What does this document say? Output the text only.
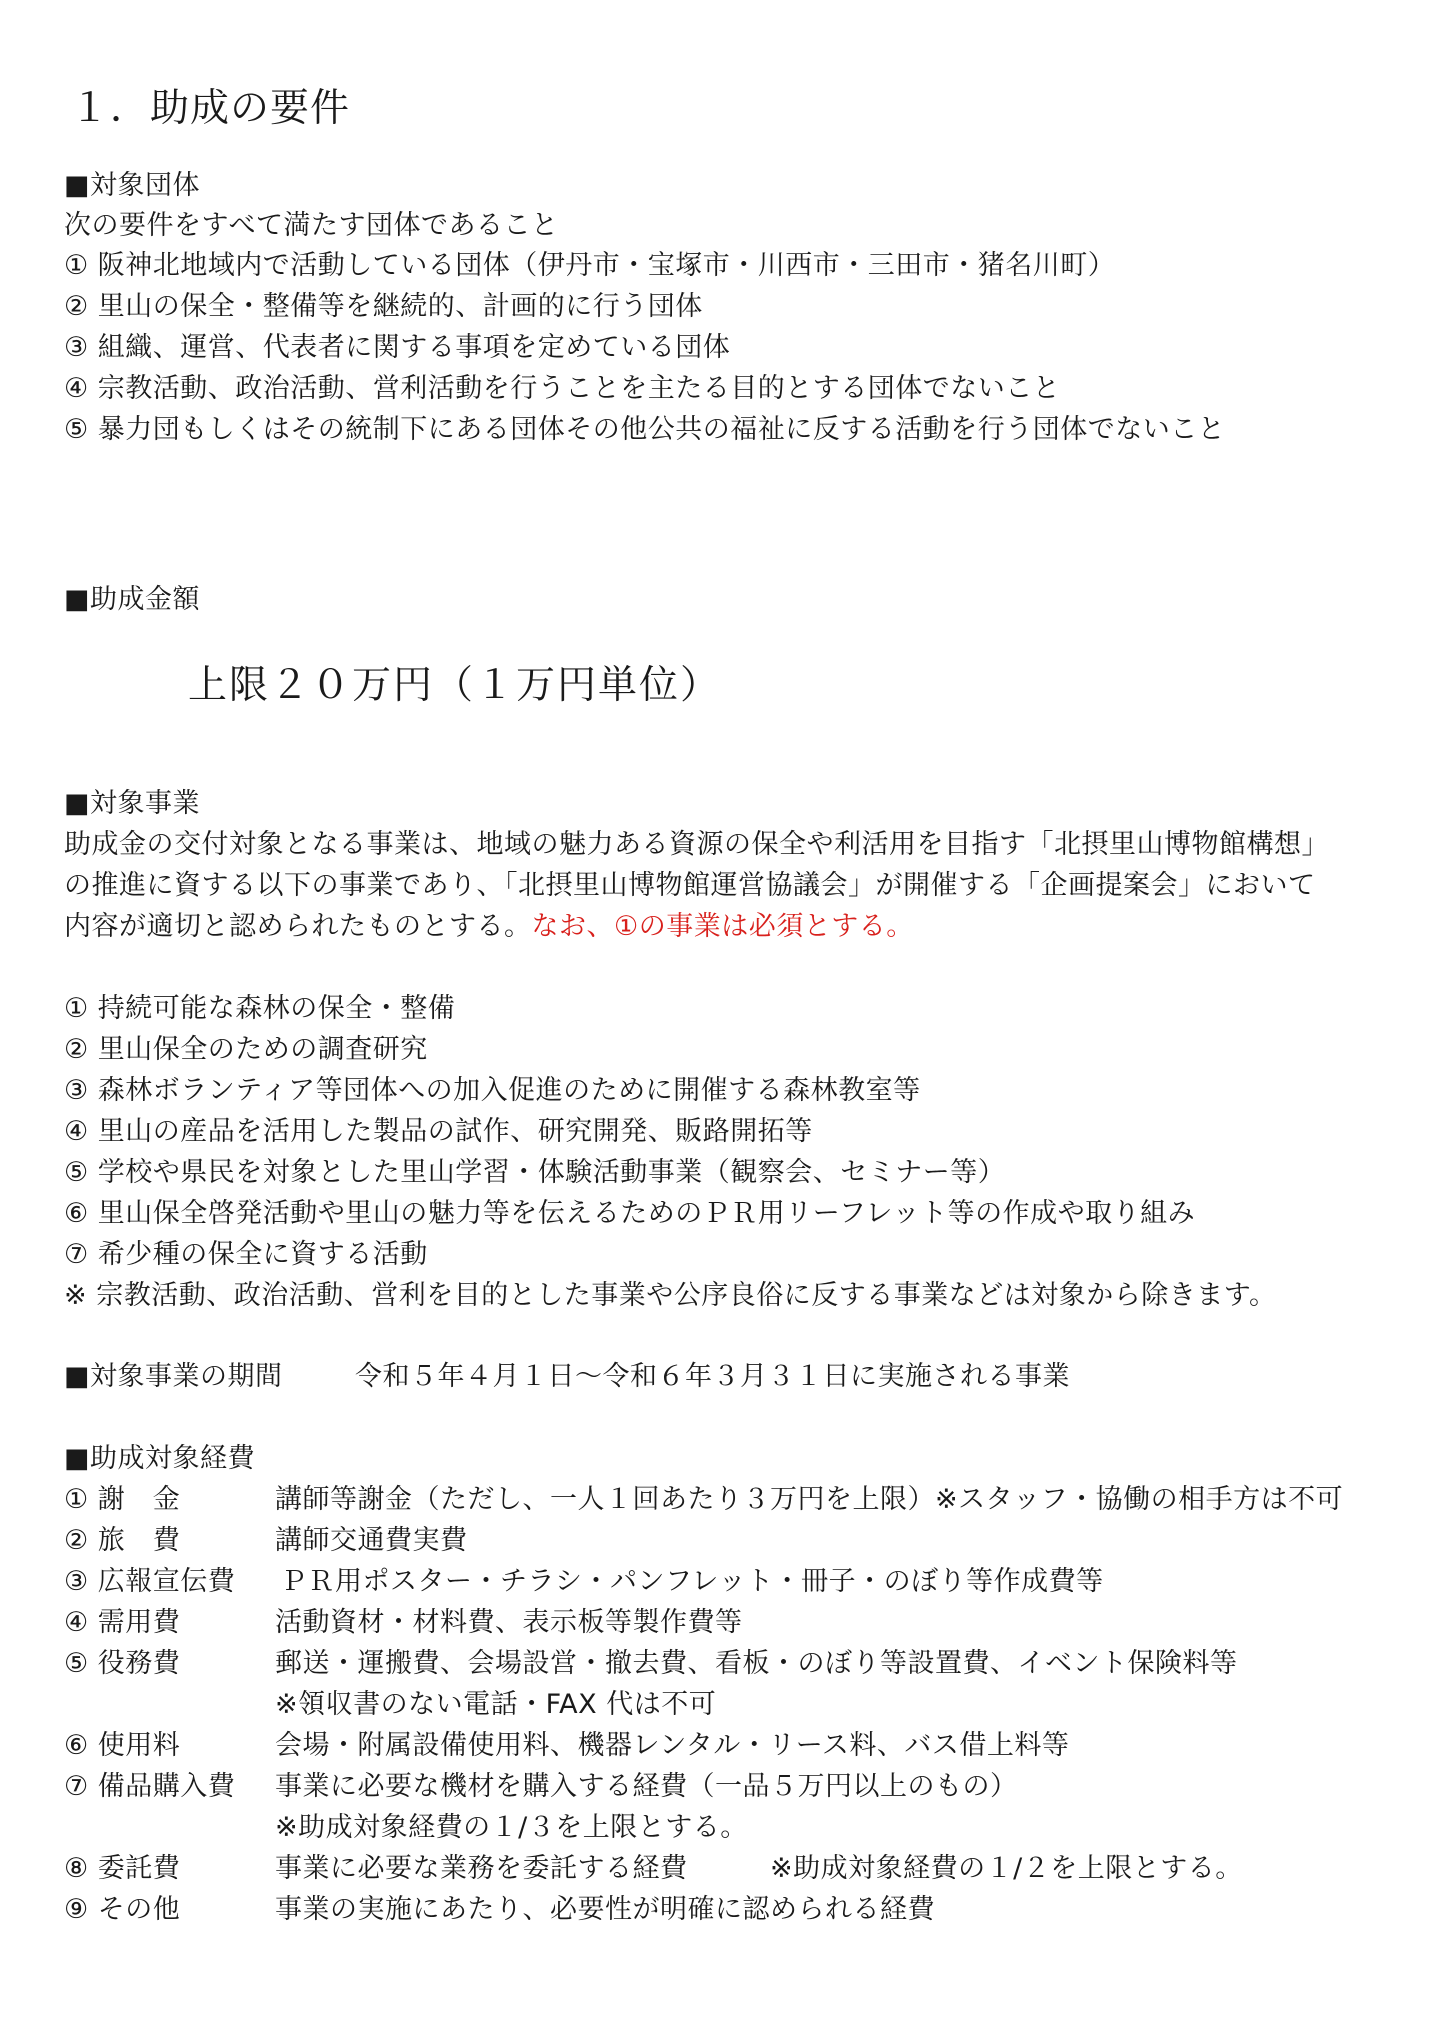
１．助成の要件
■対象団体
次の要件をすべて満たす団体であること
① 阪神北地域内で活動している団体（伊丹市・宝塚市・川西市・三田市・猪名川町）
② 里山の保全・整備等を継続的、計画的に行う団体
③ 組織、運営、代表者に関する事項を定めている団体
④ 宗教活動、政治活動、営利活動を行うことを主たる目的とする団体でないこと
⑤ 暴力団もしくはその統制下にある団体その他公共の福祉に反する活動を行う団体でないこと
■助成金額
上限２０万円（１万円単位）
■対象事業
助成金の交付対象となる事業は、地域の魅力ある資源の保全や利活用を目指す「北摂里山博物館構想」
の推進に資する以下の事業であり、「北摂里山博物館運営協議会」が開催する「企画提案会」において
内容が適切と認められたものとする。なお、①の事業は必須とする。
① 持続可能な森林の保全・整備
② 里山保全のための調査研究
③ 森林ボランティア等団体への加入促進のために開催する森林教室等
④ 里山の産品を活用した製品の試作、研究開発、販路開拓等
⑤ 学校や県民を対象とした里山学習・体験活動事業（観察会、セミナー等）
⑥ 里山保全啓発活動や里山の魅力等を伝えるためのＰＲ用リーフレット等の作成や取り組み
⑦ 希少種の保全に資する活動
※ 宗教活動、政治活動、営利を目的とした事業や公序良俗に反する事業などは対象から除きます。
■対象事業の期間	令和５年４月１日〜令和６年３月３１日に実施される事業
■助成対象経費
① 謝　金	講師等謝金（ただし、一人１回あたり３万円を上限）※スタッフ・協働の相手方は不可
② 旅　費	講師交通費実費
③ 広報宣伝費 ＰＲ用ポスター・チラシ・パンフレット・冊子・のぼり等作成費等
④ 需用費	活動資材・材料費、表示板等製作費等
⑤ 役務費	郵送・運搬費、会場設営・撤去費、看板・のぼり等設置費、イベント保険料等
※領収書のない電話・FAX 代は不可
⑥ 使用料	会場・附属設備使用料、機器レンタル・リース料、バス借上料等
⑦ 備品購入費 事業に必要な機材を購入する経費（一品５万円以上のもの）
※助成対象経費の１/３を上限とする。
⑧ 委託費	事業に必要な業務を委託する経費	※助成対象経費の１/２を上限とする。
⑨ その他	事業の実施にあたり、必要性が明確に認められる経費
